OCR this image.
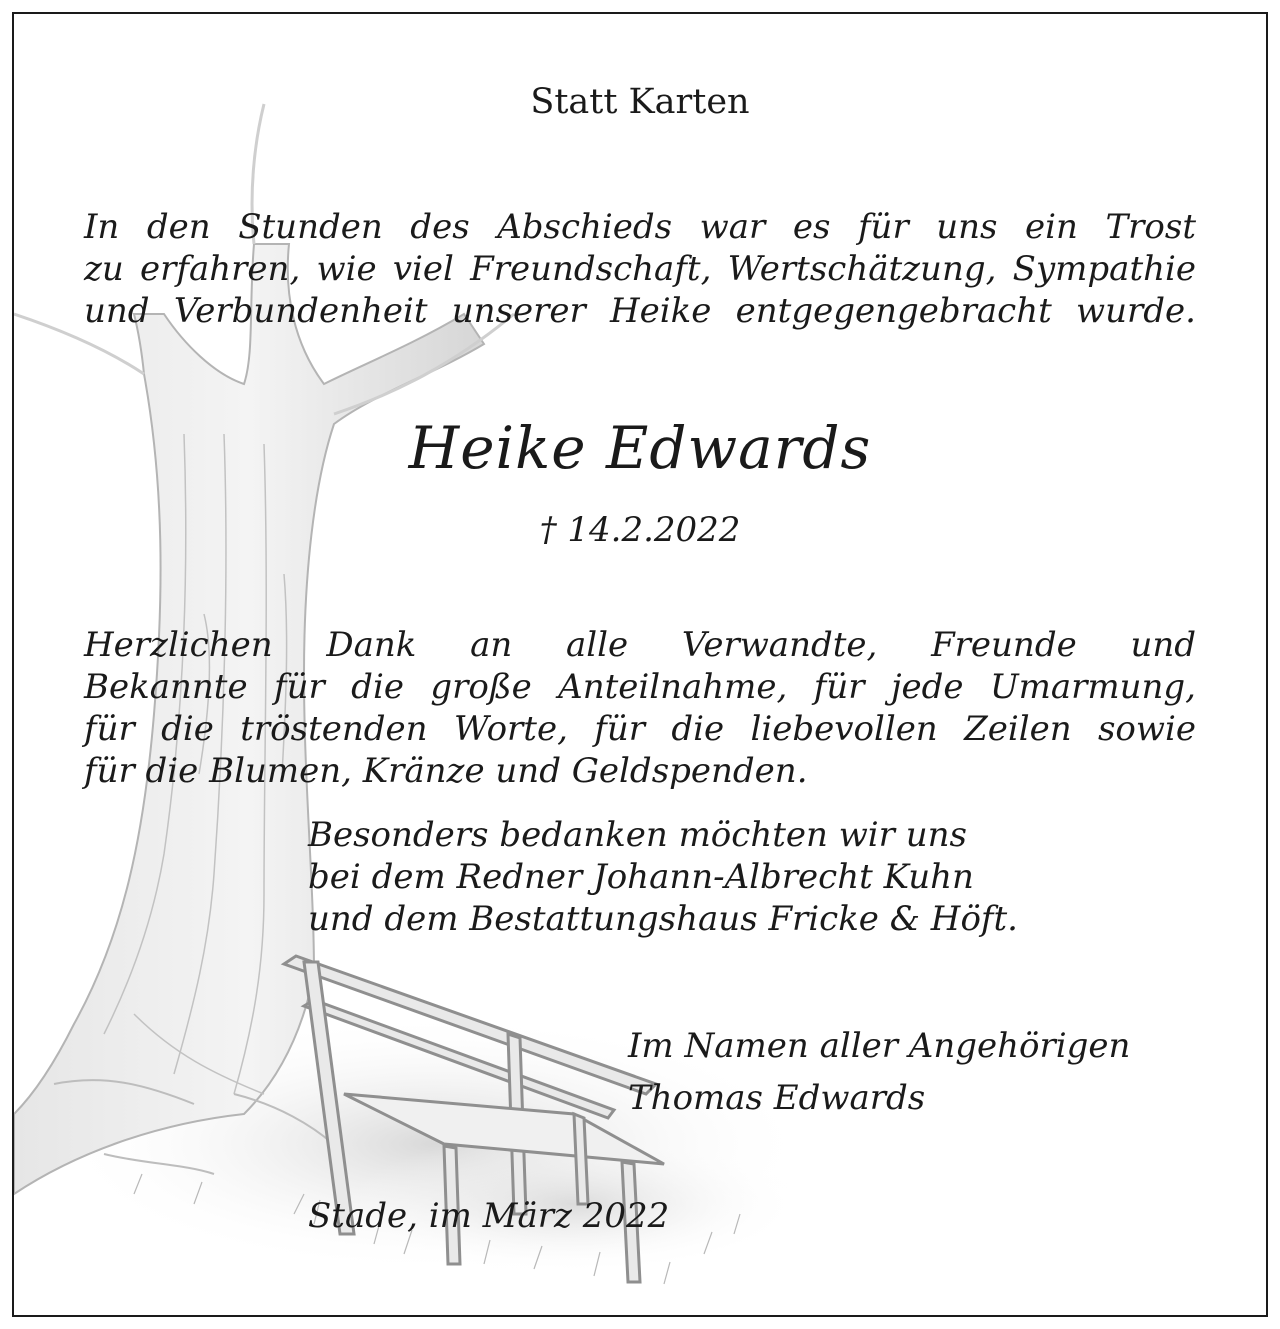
Statt Karten

In den Stunden des Abschieds war es für uns ein Trost
zu erfahren, wie viel Freundschaft, Wertschätzung, Sympathie
und Verbundenheit unserer Heike entgegengebracht wurde.

Heike Edwards

† 14.2.2022

Herzlichen Dank an alle Verwandte, Freunde und
Bekannte für die große Anteilnahme, für jede Umarmung,
für die tröstenden Worte, für die liebevollen Zeilen sowie
für die Blumen, Kränze und Geldspenden.
Besonders bedanken möchten wir uns
bei dem Redner Johann-Albrecht Kuhn
und dem Bestattungshaus Fricke & Höft.
Im Namen aller Angehörigen
Thomas Edwards

Stade, im März 2022
